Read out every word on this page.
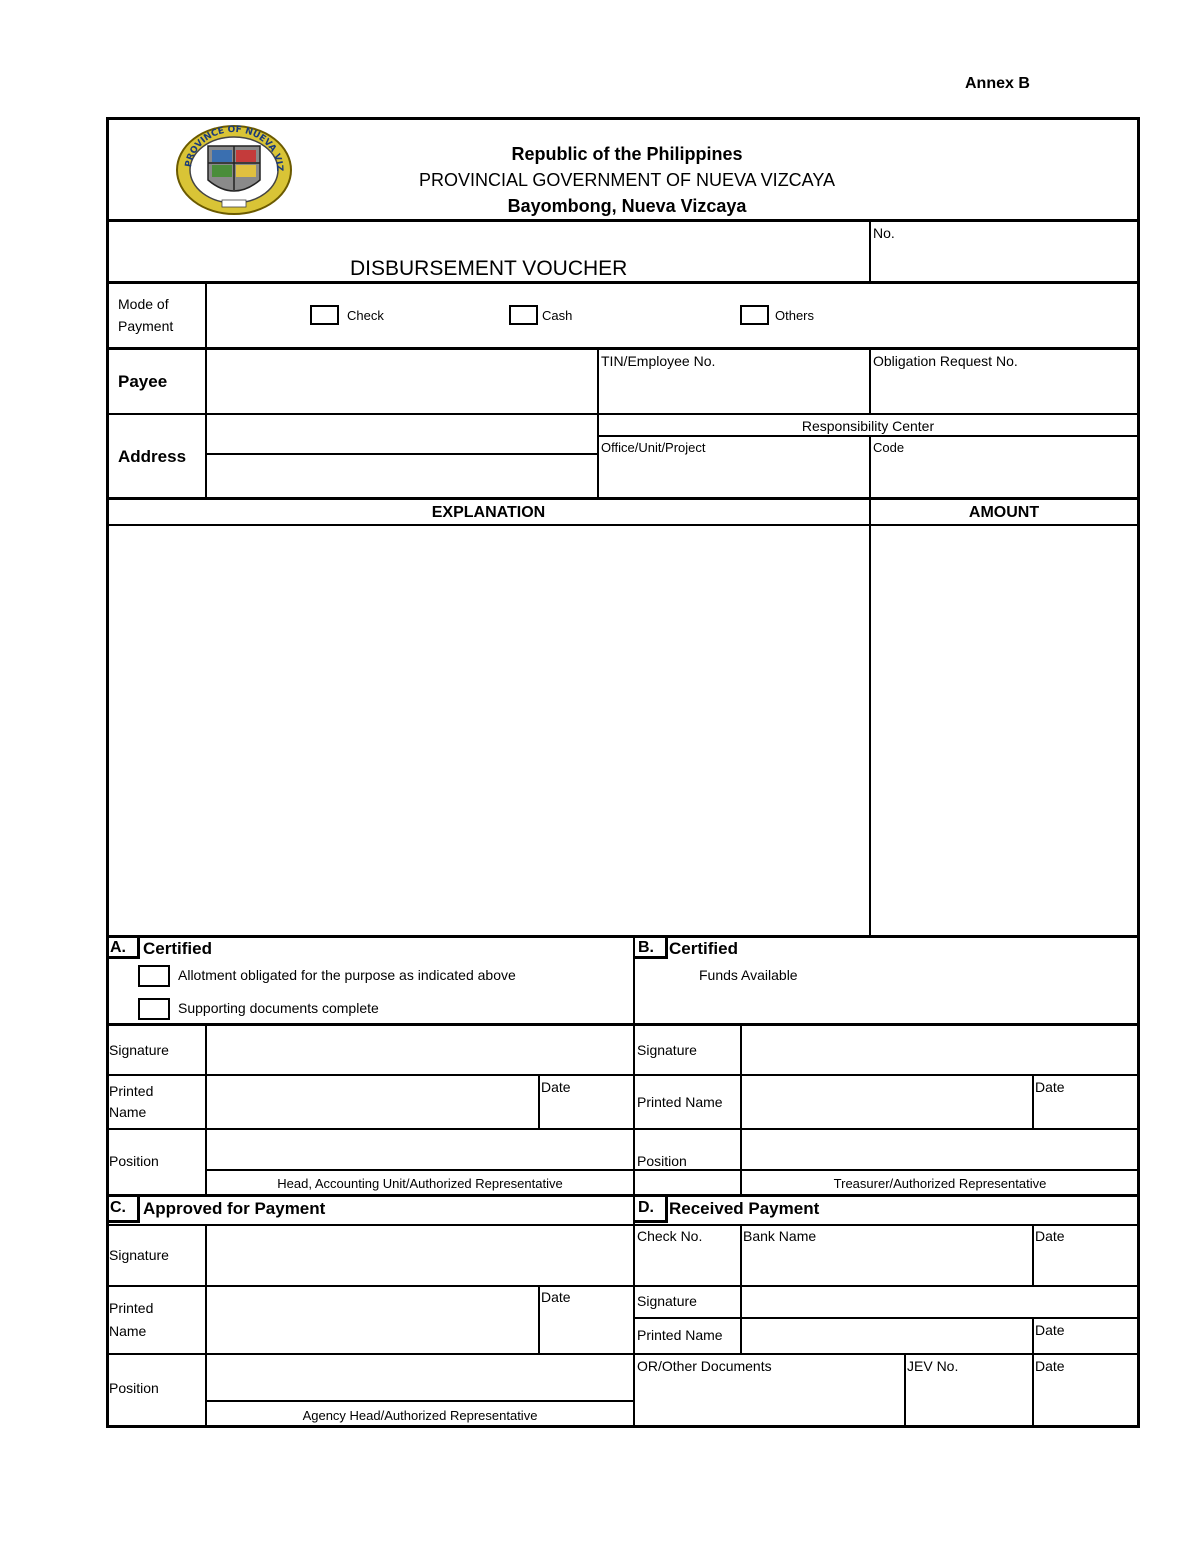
Annex B
PROVINCE OF NUEVA VIZ
Republic of the Philippines
PROVINCIAL GOVERNMENT OF NUEVA VIZCAYA
Bayombong, Nueva Vizcaya
DISBURSEMENT VOUCHER
No.
Mode of
Payment
Check	Cash	Others
Payee
TIN/Employee No.	Obligation Request No.
Address
Responsibility Center
Office/Unit/Project	Code
EXPLANATION	AMOUNT
A. Certified
Allotment obligated for the purpose as indicated above
Supporting documents complete
Signature
Printed
Name
Date
Position
Head, Accounting Unit/Authorized Representative
B. Certified
Funds Available
Signature
Printed Name
Date
Position
Treasurer/Authorized Representative
C. Approved for Payment
Signature
Printed
Name
Date
Position
Agency Head/Authorized Representative
D. Received Payment
Check No.	Bank Name	Date
Signature
Printed Name	Date
OR/Other Documents	JEV No.	Date
